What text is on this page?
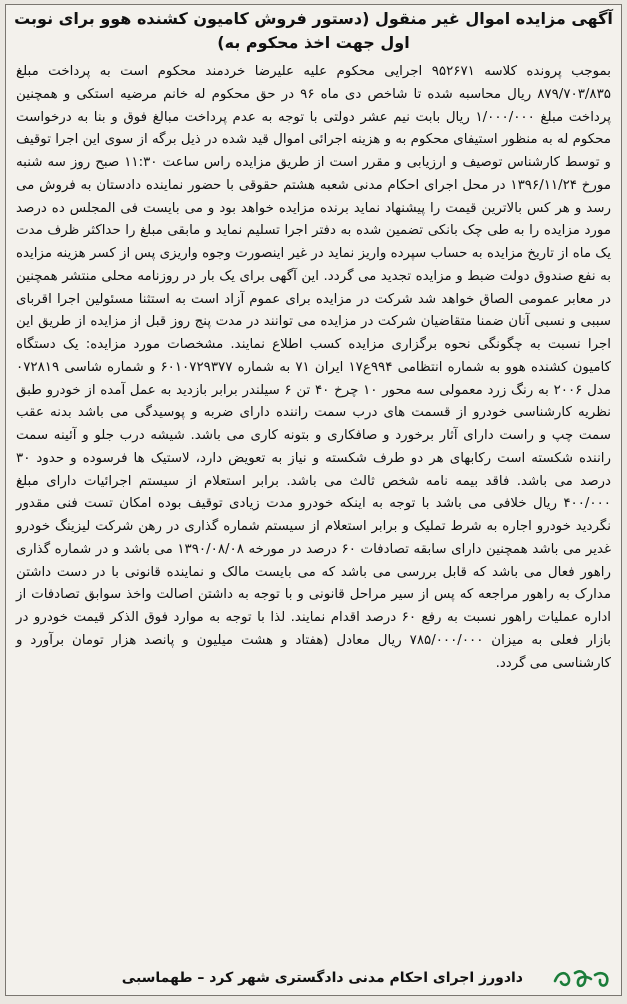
آگهی مزایده اموال غیر منقول (دستور فروش کامیون کشنده هوو برای نوبت
اول جهت اخذ محکوم به)

بموجب پرونده کلاسه ۹۵۲۶۷۱ اجرایی محکوم علیه علیرضا خردمند محکوم است به پرداخت مبلغ ۸۷۹/۷۰۳/۸۳۵ ریال محاسبه شده تا شاخص دی ماه ۹۶ در حق محکوم له خانم مرضیه استکی و همچنین پرداخت مبلغ ۱/۰۰۰/۰۰۰ ریال بابت نیم عشر دولتی با توجه به عدم پرداخت مبالغ فوق و بنا به درخواست محکوم له به منظور استیفای محکوم به و هزینه اجرائی اموال قید شده در ذیل برگه از سوی این اجرا توقیف و توسط کارشناس توصیف و ارزیابی و مقرر است از طریق مزایده راس ساعت ۱۱:۳۰ صبح روز سه شنبه مورخ ۱۳۹۶/۱۱/۲۴ در محل اجرای احکام مدنی شعبه هشتم حقوقی با حضور نماینده دادستان به فروش می رسد و هر کس بالاترین قیمت را پیشنهاد نماید برنده مزایده خواهد بود و می بایست فی المجلس ده درصد مورد مزایده را به طی چک بانکی تضمین شده به دفتر اجرا تسلیم نماید و مابقی مبلغ را حداکثر ظرف مدت یک ماه از تاریخ مزایده به حساب سپرده واریز نماید در غیر اینصورت وجوه واریزی پس از کسر هزینه مزایده به نفع صندوق دولت ضبط و مزایده تجدید می گردد. این آگهی برای یک بار در روزنامه محلی منتشر همچنین در معابر عمومی الصاق خواهد شد شرکت در مزایده برای عموم آزاد است به استثنا مسئولین اجرا اقربای سببی و نسبی آنان ضمنا متقاضیان شرکت در مزایده می توانند در مدت پنج روز قبل از مزایده از طریق این اجرا نسبت به چگونگی نحوه برگزاری مزایده کسب اطلاع نمایند. مشخصات مورد مزایده: یک دستگاه کامیون کشنده هوو به شماره انتظامی ۹۹۴ع۱۷ ایران ۷۱ به شماره ۶۰۱۰۷۲۹۳۷۷ و شماره شاسی ۰۷۲۸۱۹ مدل ۲۰۰۶ به رنگ زرد معمولی سه محور ۱۰ چرخ ۴۰ تن ۶ سیلندر برابر بازدید به عمل آمده از خودرو طبق نظریه کارشناسی خودرو از قسمت های درب سمت راننده دارای ضربه و پوسیدگی می باشد بدنه عقب سمت چپ و راست دارای آثار برخورد و صافکاری و بتونه کاری می باشد. شیشه درب جلو و آئینه سمت راننده شکسته است رکابهای هر دو طرف شکسته و نیاز به تعویض دارد، لاستیک ها فرسوده و حدود ۳۰ درصد می باشد. فاقد بیمه نامه شخص ثالث می باشد. برابر استعلام از سیستم اجرائیات دارای مبلغ ۴۰۰/۰۰۰ ریال خلافی می باشد با توجه به اینکه خودرو مدت زیادی توقیف بوده امکان تست فنی مقدور نگردید خودرو اجاره به شرط تملیک و برابر استعلام از سیستم شماره گذاری در رهن شرکت لیزینگ خودرو غدیر می باشد همچنین دارای سابقه تصادفات ۶۰ درصد در مورخه ۱۳۹۰/۰۸/۰۸ می باشد و در شماره گذاری راهور فعال می باشد که قابل بررسی می باشد که می بایست مالک و نماینده قانونی با در دست داشتن مدارک به راهور مراجعه که پس از سیر مراحل قانونی و با توجه به داشتن اصالت واخذ سوابق تصادفات از اداره عملیات راهور نسبت به رفع ۶۰ درصد اقدام نمایند. لذا با توجه به موارد فوق الذکر قیمت خودرو در بازار فعلی به میزان ۷۸۵/۰۰۰/۰۰۰ ریال معادل (هفتاد و هشت میلیون و پانصد هزار تومان برآورد و کارشناسی می گردد.

دادورز اجرای احکام مدنی دادگستری شهر کرد – طهماسبی
